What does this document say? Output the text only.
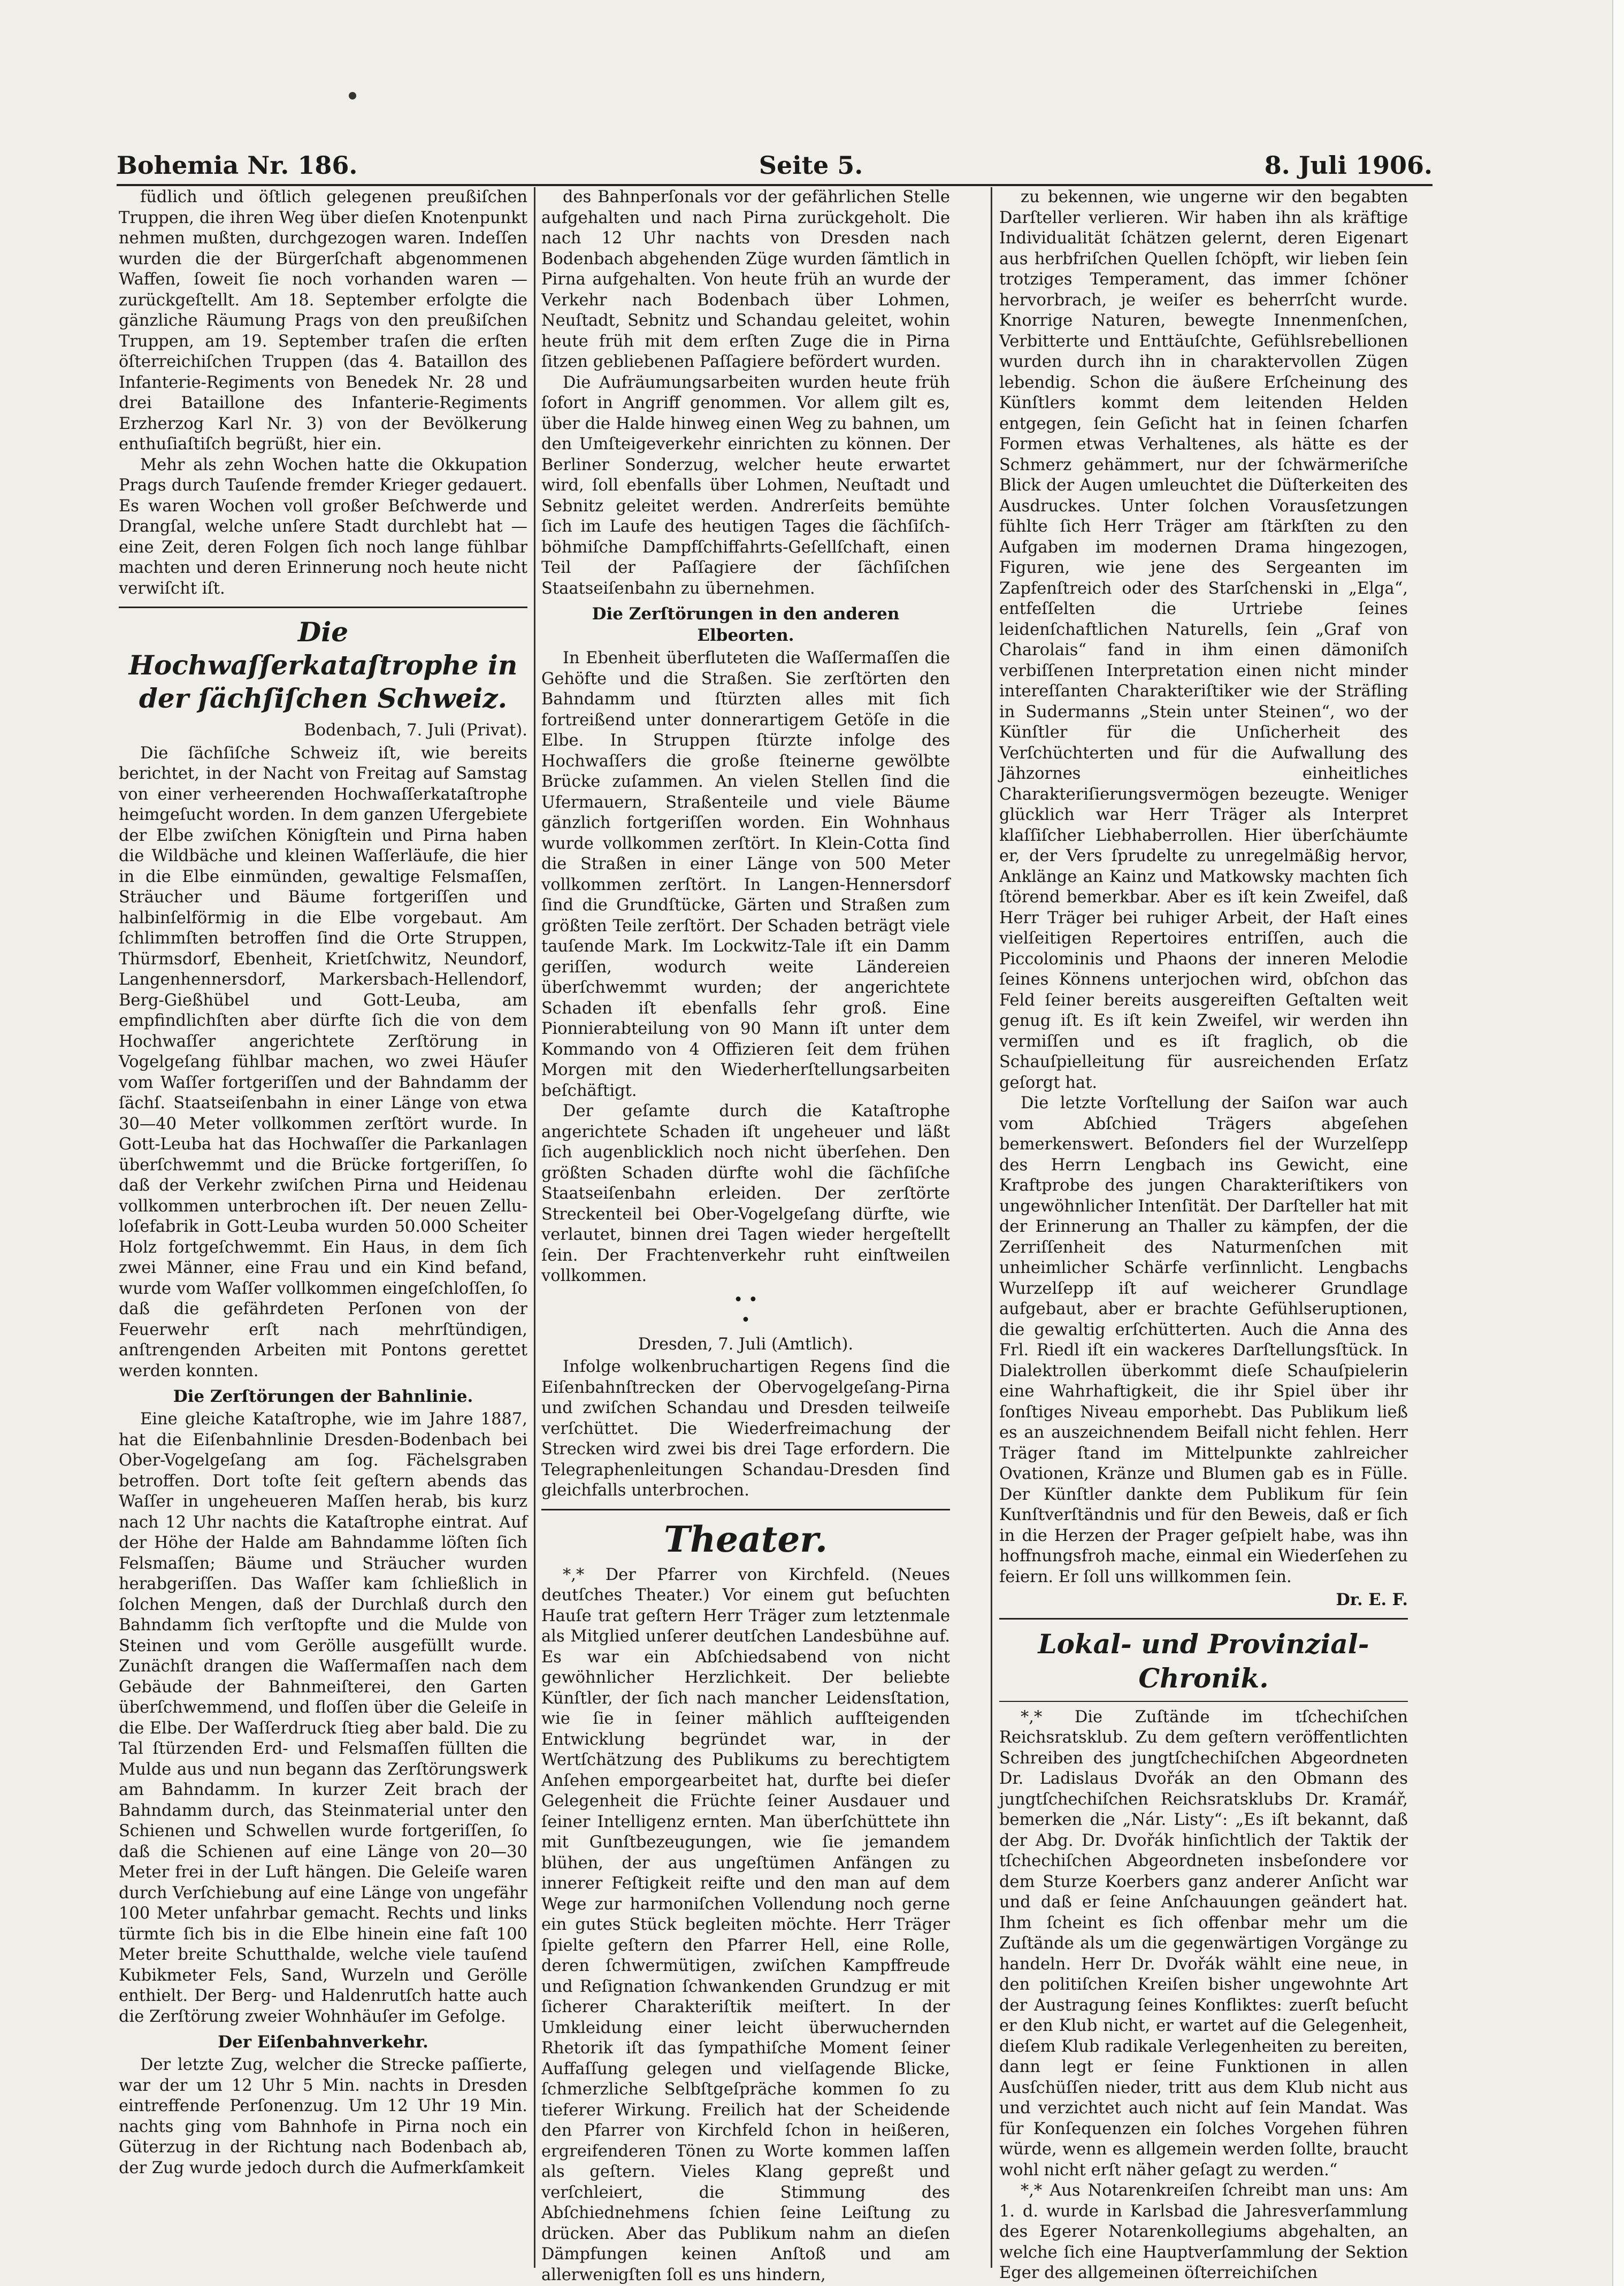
Bohemia Nr. 186.	Seite 5.	8. Juli 1906.

füdlich und öſtlich gelegenen preußiſchen Truppen, die ihren Weg über dieſen Knotenpunkt nehmen mußten, durchgezogen waren. Indeſſen wurden die der Bürgerſchaft abgenommenen Waffen, ſoweit ſie noch vorhanden waren — zurückgeſtellt. Am 18. September erfolgte die gänzliche Räumung Prags von den preußiſchen Truppen, am 19. September traſen die erſten öſterreichiſchen Truppen (das 4. Bataillon des Infanterie-Regiments von Benedek Nr. 28 und drei Bataillone des Infanterie-Regiments Erzherzog Karl Nr. 3) von der Bevölkerung enthuſiaſtiſch begrüßt, hier ein.

Mehr als zehn Wochen hatte die Okkupation Prags durch Tauſende fremder Krieger gedauert. Es waren Wochen voll großer Beſchwerde und Drangſal, welche unſere Stadt durchlebt hat — eine Zeit, deren Folgen ſich noch lange fühlbar machten und deren Erinnerung noch heute nicht verwiſcht iſt.

Die Hochwaſſerkataſtrophe in der ſächſiſchen Schweiz.
Bodenbach, 7. Juli (Privat).

Die ſächſiſche Schweiz iſt, wie bereits berichtet, in der Nacht von Freitag auf Samstag von einer verheerenden Hochwaſſerkataſtrophe heimgeſucht worden. In dem ganzen Ufergebiete der Elbe zwiſchen Königſtein und Pirna haben die Wildbäche und kleinen Waſſerläufe, die hier in die Elbe einmünden, gewaltige Felsmaſſen, Sträucher und Bäume fortgeriſſen und halbinſelförmig in die Elbe vorgebaut. Am ſchlimmſten betroffen ſind die Orte Struppen, Thürmsdorf, Ebenheit, Krietſchwitz, Neundorf, Langenhennersdorf, Markersbach-Hellendorf, Berg-Gießhübel und Gott-Leuba, am empfindlichſten aber dürfte ſich die von dem Hochwaſſer angerichtete Zerſtörung in Vogelgeſang fühlbar machen, wo zwei Häuſer vom Waſſer fortgeriſſen und der Bahndamm der ſächſ. Staatseiſenbahn in einer Länge von etwa 30—40 Meter vollkommen zerſtört wurde. In Gott-Leuba hat das Hochwaſſer die Parkanlagen überſchwemmt und die Brücke fortgeriſſen, ſo daß der Verkehr zwiſchen Pirna und Heidenau vollkommen unterbrochen iſt. Der neuen Zellu-loſefabrik in Gott-Leuba wurden 50.000 Scheiter Holz fortgeſchwemmt. Ein Haus, in dem ſich zwei Männer, eine Frau und ein Kind befand, wurde vom Waſſer vollkommen eingeſchloſſen, ſo daß die gefährdeten Perſonen von der Feuerwehr erſt nach mehrſtündigen, anſtrengenden Arbeiten mit Pontons gerettet werden konnten.

Die Zerſtörungen der Bahnlinie.

Eine gleiche Kataſtrophe, wie im Jahre 1887, hat die Eiſenbahnlinie Dresden-Bodenbach bei Ober-Vogelgeſang am ſog. Fächelsgraben betroffen. Dort toſte ſeit geſtern abends das Waſſer in ungeheueren Maſſen herab, bis kurz nach 12 Uhr nachts die Kataſtrophe eintrat. Auf der Höhe der Halde am Bahndamme löſten ſich Felsmaſſen; Bäume und Sträucher wurden herabgeriſſen. Das Waſſer kam ſchließlich in ſolchen Mengen, daß der Durchlaß durch den Bahndamm ſich verſtopfte und die Mulde von Steinen und vom Gerölle ausgefüllt wurde. Zunächſt drangen die Waſſermaſſen nach dem Gebäude der Bahnmeiſterei, den Garten überſchwemmend, und floſſen über die Geleiſe in die Elbe. Der Waſſerdruck ſtieg aber bald. Die zu Tal ſtürzenden Erd- und Felsmaſſen füllten die Mulde aus und nun begann das Zerſtörungswerk am Bahndamm. In kurzer Zeit brach der Bahndamm durch, das Steinmaterial unter den Schienen und Schwellen wurde fortgeriſſen, ſo daß die Schienen auf eine Länge von 20—30 Meter frei in der Luft hängen. Die Geleiſe waren durch Verſchiebung auf eine Länge von ungefähr 100 Meter unfahrbar gemacht. Rechts und links türmte ſich bis in die Elbe hinein eine faſt 100 Meter breite Schutthalde, welche viele tauſend Kubikmeter Fels, Sand, Wurzeln und Gerölle enthielt. Der Berg- und Haldenrutſch hatte auch die Zerſtörung zweier Wohnhäuſer im Gefolge.

Der Eiſenbahnverkehr.

Der letzte Zug, welcher die Strecke paſſierte, war der um 12 Uhr 5 Min. nachts in Dresden eintreffende Perſonenzug. Um 12 Uhr 19 Min. nachts ging vom Bahnhofe in Pirna noch ein Güterzug in der Richtung nach Bodenbach ab, der Zug wurde jedoch durch die Aufmerkſamkeit

des Bahnperſonals vor der gefährlichen Stelle aufgehalten und nach Pirna zurückgeholt. Die nach 12 Uhr nachts von Dresden nach Bodenbach abgehenden Züge wurden ſämtlich in Pirna aufgehalten. Von heute früh an wurde der Verkehr nach Bodenbach über Lohmen, Neuſtadt, Sebnitz und Schandau geleitet, wohin heute früh mit dem erſten Zuge die in Pirna ſitzen gebliebenen Paſſagiere befördert wurden.

Die Aufräumungsarbeiten wurden heute früh ſofort in Angriff genommen. Vor allem gilt es, über die Halde hinweg einen Weg zu bahnen, um den Umſteigeverkehr einrichten zu können. Der Berliner Sonderzug, welcher heute erwartet wird, ſoll ebenfalls über Lohmen, Neuſtadt und Sebnitz geleitet werden. Andrerſeits bemühte ſich im Laufe des heutigen Tages die ſächſiſch-böhmiſche Dampfſchiffahrts-Geſellſchaft, einen Teil der Paſſagiere der ſächſiſchen Staatseiſenbahn zu übernehmen.

Die Zerſtörungen in den anderen Elbeorten.

In Ebenheit überfluteten die Waſſermaſſen die Gehöfte und die Straßen. Sie zerſtörten den Bahndamm und ſtürzten alles mit ſich fortreißend unter donnerartigem Getöſe in die Elbe. In Struppen ſtürzte infolge des Hochwaſſers die große ſteinerne gewölbte Brücke zuſammen. An vielen Stellen ſind die Ufermauern, Straßenteile und viele Bäume gänzlich fortgeriſſen worden. Ein Wohnhaus wurde vollkommen zerſtört. In Klein-Cotta ſind die Straßen in einer Länge von 500 Meter vollkommen zerſtört. In Langen-Hennersdorf ſind die Grundſtücke, Gärten und Straßen zum größten Teile zerſtört. Der Schaden beträgt viele tauſende Mark. Im Lockwitz-Tale iſt ein Damm geriſſen, wodurch weite Ländereien überſchwemmt wurden; der angerichtete Schaden iſt ebenfalls ſehr groß. Eine Pionnierabteilung von 90 Mann iſt unter dem Kommando von 4 Offizieren ſeit dem frühen Morgen mit den Wiederherſtellungsarbeiten beſchäftigt.

Der geſamte durch die Kataſtrophe angerichtete Schaden iſt ungeheuer und läßt ſich augenblicklich noch nicht überſehen. Den größten Schaden dürfte wohl die ſächſiſche Staatseiſenbahn erleiden. Der zerſtörte Streckenteil bei Ober-Vogelgeſang dürfte, wie verlautet, binnen drei Tagen wieder hergeſtellt ſein. Der Frachtenverkehr ruht einſtweilen vollkommen.

• •
•
Dresden, 7. Juli (Amtlich).

Infolge wolkenbruchartigen Regens ſind die Eiſenbahnſtrecken der Obervogelgeſang-Pirna und zwiſchen Schandau und Dresden teilweiſe verſchüttet. Die Wiederfreimachung der Strecken wird zwei bis drei Tage erfordern. Die Telegraphenleitungen Schandau-Dresden ſind gleichfalls unterbrochen.

Theater.

*,* Der Pfarrer von Kirchfeld. (Neues deutſches Theater.) Vor einem gut beſuchten Hauſe trat geſtern Herr Träger zum letztenmale als Mitglied unſerer deutſchen Landesbühne auf. Es war ein Abſchiedsabend von nicht gewöhnlicher Herzlichkeit. Der beliebte Künſtler, der ſich nach mancher Leidensſtation, wie ſie in ſeiner mählich aufſteigenden Entwicklung begründet war, in der Wertſchätzung des Publikums zu berechtigtem Anſehen emporgearbeitet hat, durfte bei dieſer Gelegenheit die Früchte ſeiner Ausdauer und ſeiner Intelligenz ernten. Man überſchüttete ihn mit Gunſtbezeugungen, wie ſie jemandem blühen, der aus ungeſtümen Anfängen zu innerer Feſtigkeit reifte und den man auf dem Wege zur harmoniſchen Vollendung noch gerne ein gutes Stück begleiten möchte. Herr Träger ſpielte geſtern den Pfarrer Hell, eine Rolle, deren ſchwermütigen, zwiſchen Kampffreude und Reſignation ſchwankenden Grundzug er mit ſicherer Charakteriſtik meiſtert. In der Umkleidung einer leicht überwuchernden Rhetorik iſt das ſympathiſche Moment ſeiner Auffaſſung gelegen und vielſagende Blicke, ſchmerzliche Selbſtgeſpräche kommen ſo zu tieferer Wirkung. Freilich hat der Scheidende den Pfarrer von Kirchfeld ſchon in heißeren, ergreifenderen Tönen zu Worte kommen laſſen als geſtern. Vieles Klang gepreßt und verſchleiert, die Stimmung des Abſchiednehmens ſchien ſeine Leiſtung zu drücken. Aber das Publikum nahm an dieſen Dämpfungen keinen Anſtoß und am allerwenigſten ſoll es uns hindern,

zu bekennen, wie ungerne wir den begabten Darſteller verlieren. Wir haben ihn als kräftige Individualität ſchätzen gelernt, deren Eigenart aus herbfriſchen Quellen ſchöpft, wir lieben ſein trotziges Temperament, das immer ſchöner hervorbrach, je weiſer es beherrſcht wurde. Knorrige Naturen, bewegte Innenmenſchen, Verbitterte und Enttäuſchte, Gefühlsrebellionen wurden durch ihn in charaktervollen Zügen lebendig. Schon die äußere Erſcheinung des Künſtlers kommt dem leitenden Helden entgegen, ſein Geſicht hat in ſeinen ſcharfen Formen etwas Verhaltenes, als hätte es der Schmerz gehämmert, nur der ſchwärmeriſche Blick der Augen umleuchtet die Düſterkeiten des Ausdruckes. Unter ſolchen Vorausſetzungen fühlte ſich Herr Träger am ſtärkſten zu den Aufgaben im modernen Drama hingezogen, Figuren, wie jene des Sergeanten im Zapfenſtreich oder des Starſchenski in „Elga“, entfeſſelten die Urtriebe ſeines leidenſchaftlichen Naturells, ſein „Graf von Charolais“ fand in ihm einen dämoniſch verbiſſenen Interpretation einen nicht minder intereſſanten Charakteriſtiker wie der Sträfling in Sudermanns „Stein unter Steinen“, wo der Künſtler für die Unſicherheit des Verſchüchterten und für die Aufwallung des Jähzornes einheitliches Charakteriſierungsvermögen bezeugte. Weniger glücklich war Herr Träger als Interpret klaſſiſcher Liebhaberrollen. Hier überſchäumte er, der Vers ſprudelte zu unregelmäßig hervor, Anklänge an Kainz und Matkowsky machten ſich ſtörend bemerkbar. Aber es iſt kein Zweifel, daß Herr Träger bei ruhiger Arbeit, der Haſt eines vielſeitigen Repertoires entriſſen, auch die Piccolominis und Phaons der inneren Melodie ſeines Könnens unterjochen wird, obſchon das Feld ſeiner bereits ausgereiften Geſtalten weit genug iſt. Es iſt kein Zweifel, wir werden ihn vermiſſen und es iſt fraglich, ob die Schauſpielleitung für ausreichenden Erſatz geſorgt hat.

Die letzte Vorſtellung der Saiſon war auch vom Abſchied Trägers abgeſehen bemerkenswert. Beſonders fiel der Wurzelſepp des Herrn Lengbach ins Gewicht, eine Kraftprobe des jungen Charakteriſtikers von ungewöhnlicher Intenſität. Der Darſteller hat mit der Erinnerung an Thaller zu kämpfen, der die Zerriſſenheit des Naturmenſchen mit unheimlicher Schärfe verſinnlicht. Lengbachs Wurzelſepp iſt auf weicherer Grundlage aufgebaut, aber er brachte Gefühlseruptionen, die gewaltig erſchütterten. Auch die Anna des Frl. Riedl iſt ein wackeres Darſtellungsſtück. In Dialektrollen überkommt dieſe Schauſpielerin eine Wahrhaftigkeit, die ihr Spiel über ihr ſonſtiges Niveau emporhebt. Das Publikum ließ es an auszeichnendem Beifall nicht fehlen. Herr Träger ſtand im Mittelpunkte zahlreicher Ovationen, Kränze und Blumen gab es in Fülle. Der Künſtler dankte dem Publikum für ſein Kunſtverſtändnis und für den Beweis, daß er ſich in die Herzen der Prager geſpielt habe, was ihn hoffnungsfroh mache, einmal ein Wiederſehen zu feiern. Er ſoll uns willkommen ſein.

Dr. E. F.
Lokal- und Provinzial-Chronik.

*,* Die Zuſtände im tſchechiſchen Reichsratsklub. Zu dem geſtern veröffentlichten Schreiben des jungtſchechiſchen Abgeordneten Dr. Ladislaus Dvořák an den Obmann des jungtſchechiſchen Reichsratsklubs Dr. Kramář, bemerken die „Nár. Listy“: „Es iſt bekannt, daß der Abg. Dr. Dvořák hinſichtlich der Taktik der tſchechiſchen Abgeordneten insbeſondere vor dem Sturze Koerbers ganz anderer Anſicht war und daß er ſeine Anſchauungen geändert hat. Ihm ſcheint es ſich offenbar mehr um die Zuſtände als um die gegenwärtigen Vorgänge zu handeln. Herr Dr. Dvořák wählt eine neue, in den politiſchen Kreiſen bisher ungewohnte Art der Austragung ſeines Konfliktes: zuerſt beſucht er den Klub nicht, er wartet auf die Gelegenheit, dieſem Klub radikale Verlegenheiten zu bereiten, dann legt er ſeine Funktionen in allen Ausſchüſſen nieder, tritt aus dem Klub nicht aus und verzichtet auch nicht auf ſein Mandat. Was für Konſequenzen ein ſolches Vorgehen führen würde, wenn es allgemein werden ſollte, braucht wohl nicht erſt näher geſagt zu werden.“

*,* Aus Notarenkreiſen ſchreibt man uns: Am 1. d. wurde in Karlsbad die Jahresverſammlung des Egerer Notarenkollegiums abgehalten, an welche ſich eine Hauptverſammlung der Sektion Eger des allgemeinen öſterreichiſchen
